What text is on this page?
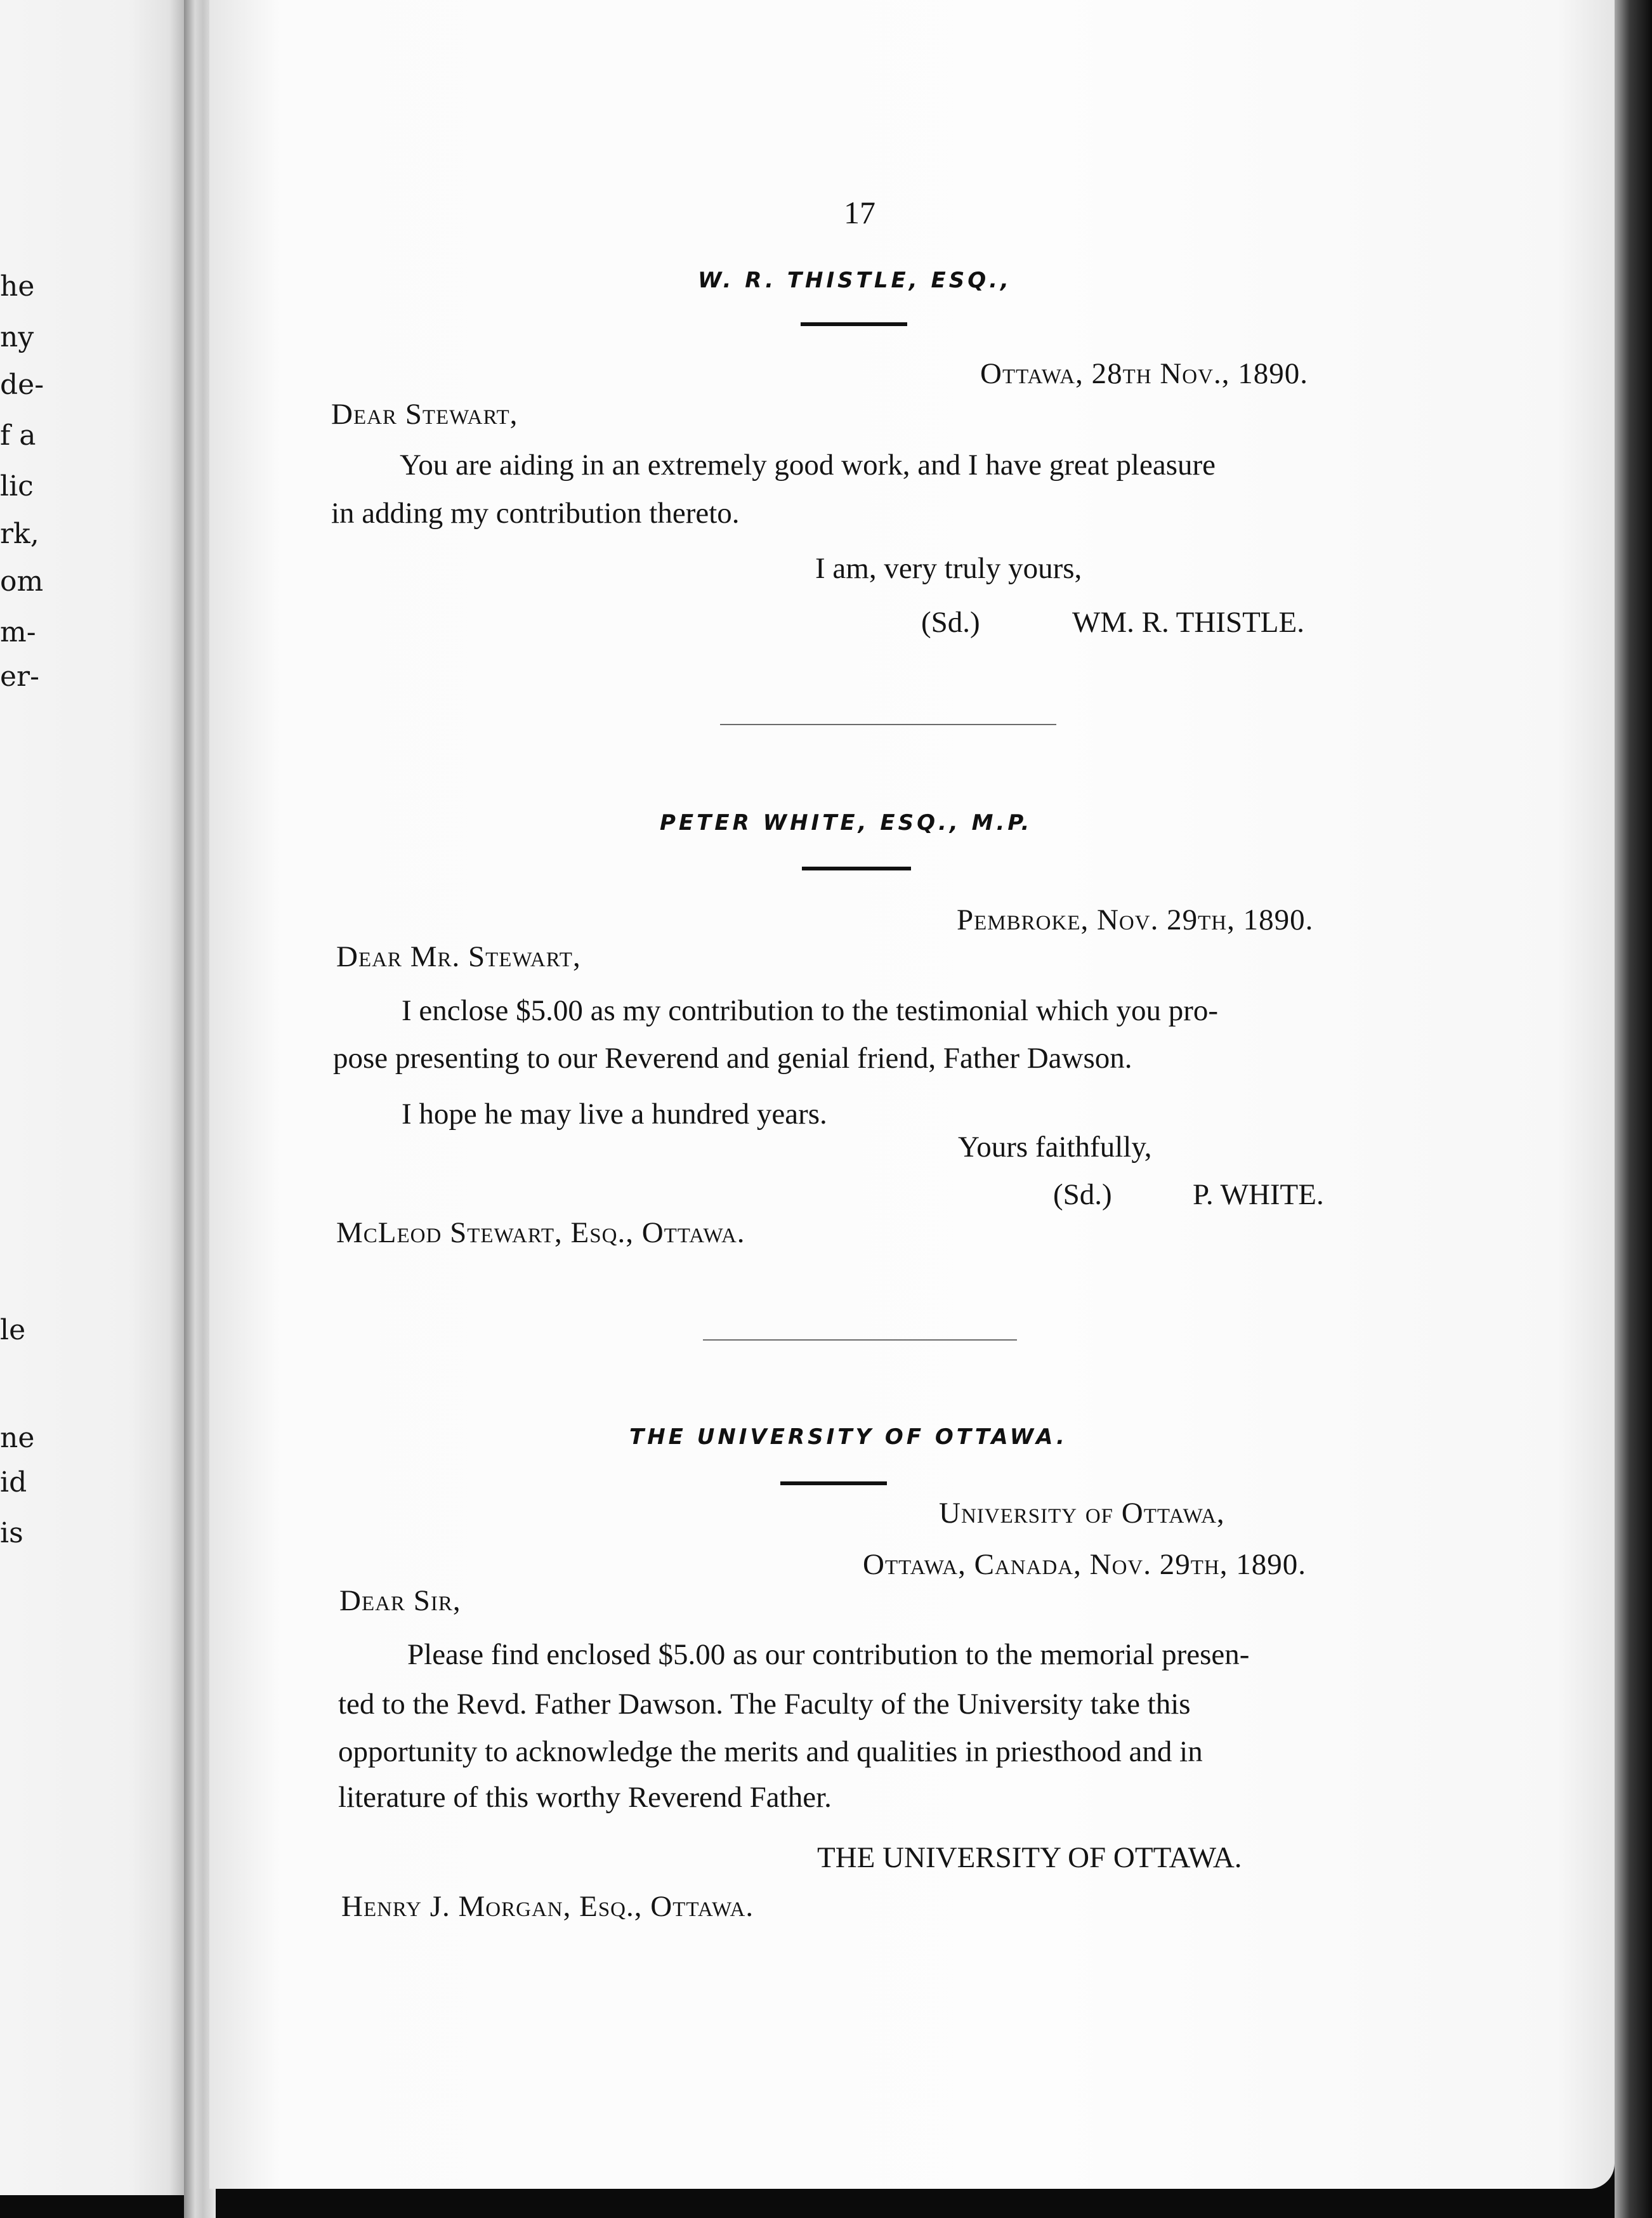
he
ny
de-
f a
lic
rk,
om
m-
er-
le
ne
id
is
17
W. R. THISTLE, ESQ.,
Ottawa, 28th Nov., 1890.
Dear Stewart,
You are aiding in an extremely good work, and I have great pleasure
in adding my contribution thereto.
I am, very truly yours,
(Sd.)	WM. R. THISTLE.
PETER WHITE, ESQ., M.P.
Pembroke, Nov. 29th, 1890.
Dear Mr. Stewart,
I enclose $5.00 as my contribution to the testimonial which you pro-
pose presenting to our Reverend and genial friend, Father Dawson.
I hope he may live a hundred years.
Yours faithfully,
(Sd.)	P. WHITE.
McLeod Stewart, Esq., Ottawa.
THE UNIVERSITY OF OTTAWA.
University of Ottawa,
Ottawa, Canada, Nov. 29th, 1890.
Dear Sir,
Please find enclosed $5.00 as our contribution to the memorial presen-
ted to the Revd. Father Dawson. The Faculty of the University take this
opportunity to acknowledge the merits and qualities in priesthood and in
literature of this worthy Reverend Father.
THE UNIVERSITY OF OTTAWA.
Henry J. Morgan, Esq., Ottawa.
